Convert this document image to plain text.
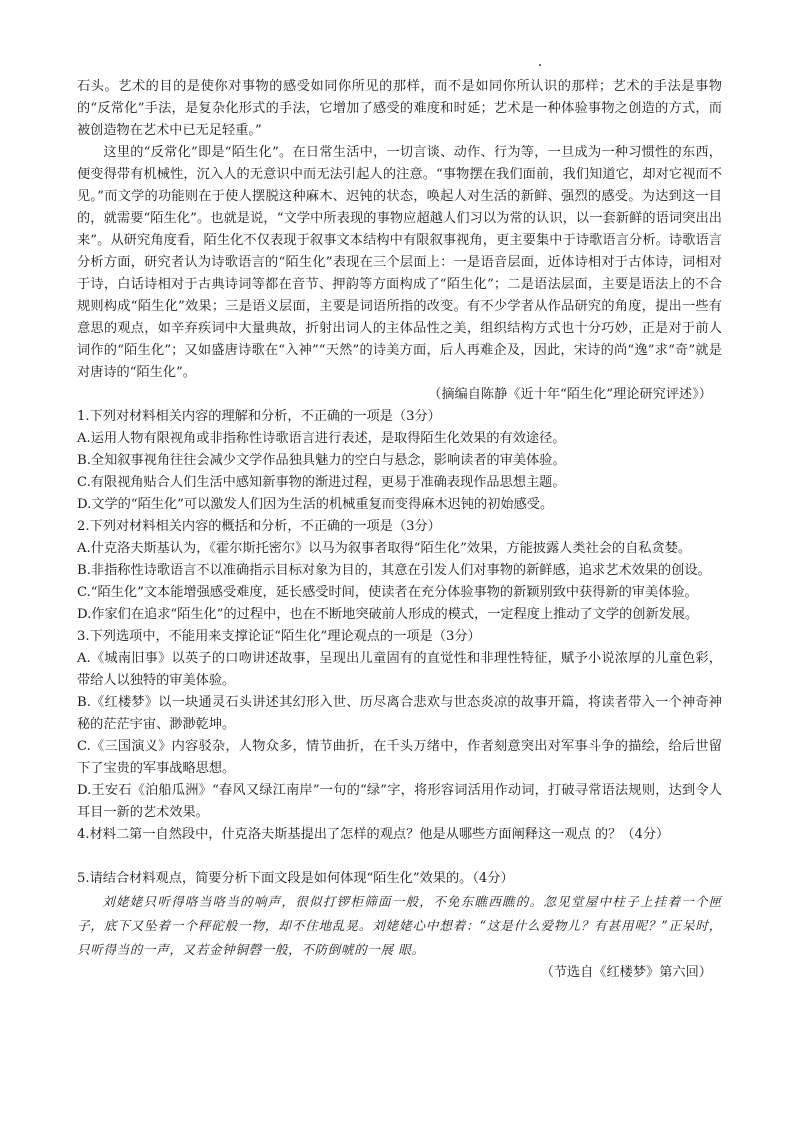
石头。艺术的目的是使你对事物的感受如同你所见的那样，而不是如同你所认识的那样；艺术的手法是事物的“反常化”手法，是复杂化形式的手法，它增加了感受的难度和时延；艺术是一种体验事物之创造的方式，而被创造物在艺术中已无足轻重。”

这里的“反常化”即是“陌生化”。在日常生活中，一切言谈、动作、行为等，一旦成为一种习惯性的东西，便变得带有机械性，沉入人的无意识中而无法引起人的注意。“事物摆在我们面前，我们知道它，却对它视而不见。”而文学的功能则在于使人摆脱这种麻木、迟钝的状态，唤起人对生活的新鲜、强烈的感受。为达到这一目的，就需要“陌生化”。也就是说，“文学中所表现的事物应超越人们习以为常的认识，以一套新鲜的语词突出出来”。从研究角度看，陌生化不仅表现于叙事文本结构中有限叙事视角，更主要集中于诗歌语言分析。诗歌语言分析方面，研究者认为诗歌语言的“陌生化”表现在三个层面上：一是语音层面，近体诗相对于古体诗，词相对于诗，白话诗相对于古典诗词等都在音节、押韵等方面构成了“陌生化”；二是语法层面，主要是语法上的不合规则构成“陌生化”效果；三是语义层面，主要是词语所指的改变。有不少学者从作品研究的角度，提出一些有意思的观点，如辛弃疾词中大量典故，折射出词人的主体品性之美，组织结构方式也十分巧妙，正是对于前人词作的“陌生化”；又如盛唐诗歌在“入神”“天然”的诗美方面，后人再难企及，因此，宋诗的尚“逸”求“奇”就是对唐诗的“陌生化”。

（摘编自陈静《近十年“陌生化”理论研究评述》）

1.下列对材料相关内容的理解和分析，不正确的一项是（3分）

A.运用人物有限视角或非指称性诗歌语言进行表述，是取得陌生化效果的有效途径。

B.全知叙事视角往往会减少文学作品独具魅力的空白与悬念，影响读者的审美体验。

C.有限视角贴合人们生活中感知新事物的渐进过程，更易于准确表现作品思想主题。

D.文学的“陌生化”可以激发人们因为生活的机械重复而变得麻木迟钝的初始感受。

2.下列对材料相关内容的概括和分析，不正确的一项是（3分）

A.什克洛夫斯基认为，《霍尔斯托密尔》以马为叙事者取得“陌生化”效果，方能披露人类社会的自私贪婪。

B.非指称性诗歌语言不以准确指示目标对象为目的，其意在引发人们对事物的新鲜感，追求艺术效果的创设。

C.“陌生化”文本能增强感受难度，延长感受时间，使读者在充分体验事物的新颖别致中获得新的审美体验。

D.作家们在追求“陌生化”的过程中，也在不断地突破前人形成的模式，一定程度上推动了文学的创新发展。

3.下列选项中，不能用来支撑论证“陌生化”理论观点的一项是（3分）

A.《城南旧事》以英子的口吻讲述故事，呈现出儿童固有的直觉性和非理性特征，赋予小说浓厚的儿童色彩，带给人以独特的审美体验。

B.《红楼梦》以一块通灵石头讲述其幻形入世、历尽离合悲欢与世态炎凉的故事开篇，将读者带入一个神奇神秘的茫茫宇宙、渺渺乾坤。

C.《三国演义》内容驳杂，人物众多，情节曲折，在千头万绪中，作者刻意突出对军事斗争的描绘，给后世留下了宝贵的军事战略思想。

D.王安石《泊船瓜洲》“春风又绿江南岸”一句的“绿”字，将形容词活用作动词，打破寻常语法规则，达到令人耳目一新的艺术效果。

4.材料二第一自然段中，什克洛夫斯基提出了怎样的观点？他是从哪些方面阐释这一观点 的？（4分）

5.请结合材料观点，简要分析下面文段是如何体现“陌生化”效果的。（4分）

刘姥姥只听得咯当咯当的响声，很似打锣柜筛面一般，不免东瞧西瞧的。忽见堂屋中柱子上挂着一个匣子，底下又坠着一个秤砣般一物，却不住地乱晃。刘姥姥心中想着：“这是什么爱物儿？有甚用呢？”正呆时，只听得当的一声，又若金钟铜磬一般，不防倒唬的一展 眼。

（节选自《红楼梦》第六回）
